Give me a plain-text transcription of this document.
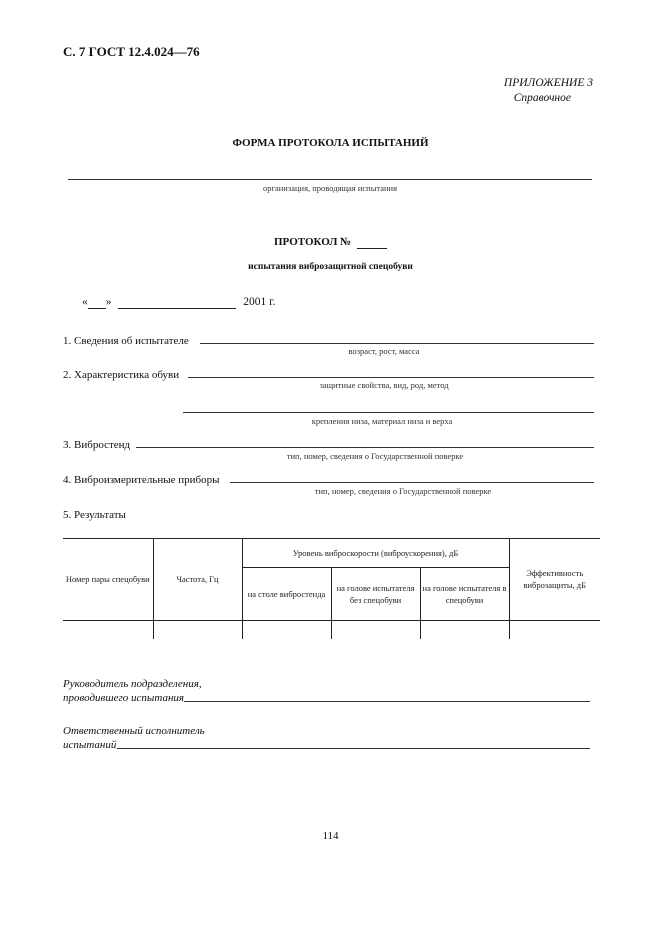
С. 7 ГОСТ 12.4.024—76
ПРИЛОЖЕНИЕ 3
Справочное
ФОРМА ПРОТОКОЛА ИСПЫТАНИЙ
организация, проводящая испытания
ПРОТОКОЛ №
испытания виброзащитной спецобуви
« »	2001 г.
1. Сведения об испытателе
возраст, рост, масса
2. Характеристика обуви
защитные свойства, вид, род, метод
крепления низа, материал низа и верха
3. Вибростенд
тип, номер, сведения о Государственной поверке
4. Виброизмерительные приборы
тип, номер, сведения о Государственной поверке
5. Результаты
Номер пары спецобуви	Частота, Гц	Уровень виброскорости (виброускорения), дБ			Эффективность виброзащиты, дБ
		на столе вибростенда	на голове испытателя без спецобуви	на голове испытателя в спецобуви	

Руководитель подразделения,
проводившего испытания
Ответственный исполнитель
испытаний
114
